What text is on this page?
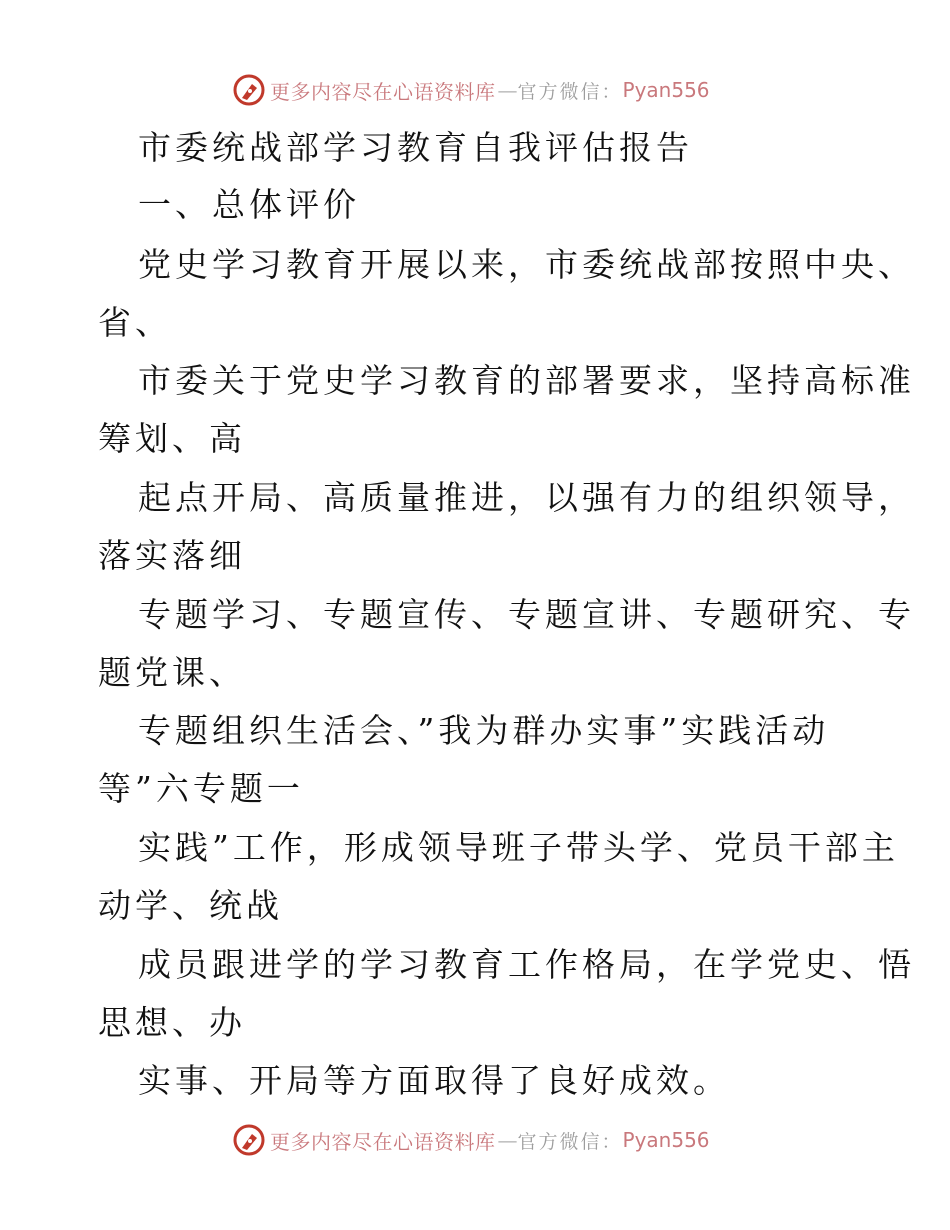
更多内容尽在心语资料库 — 官方微信： Pyan556
市委统战部学习教育自我评估报告
一、总体评价
党史学习教育开展以来，市委统战部按照中央、
省、
市委关于党史学习教育的部署要求，坚持高标准
筹划、高
起点开局、高质量推进，以强有力的组织领导，
落实落细
专题学习、专题宣传、专题宣讲、专题研究、专
题党课、
专题组织生活会、”我为群办实事”实践活动
等”六专题一
实践”工作，形成领导班子带头学、党员干部主
动学、统战
成员跟进学的学习教育工作格局，在学党史、悟
思想、办
实事、开局等方面取得了良好成效。
更多内容尽在心语资料库 — 官方微信： Pyan556
